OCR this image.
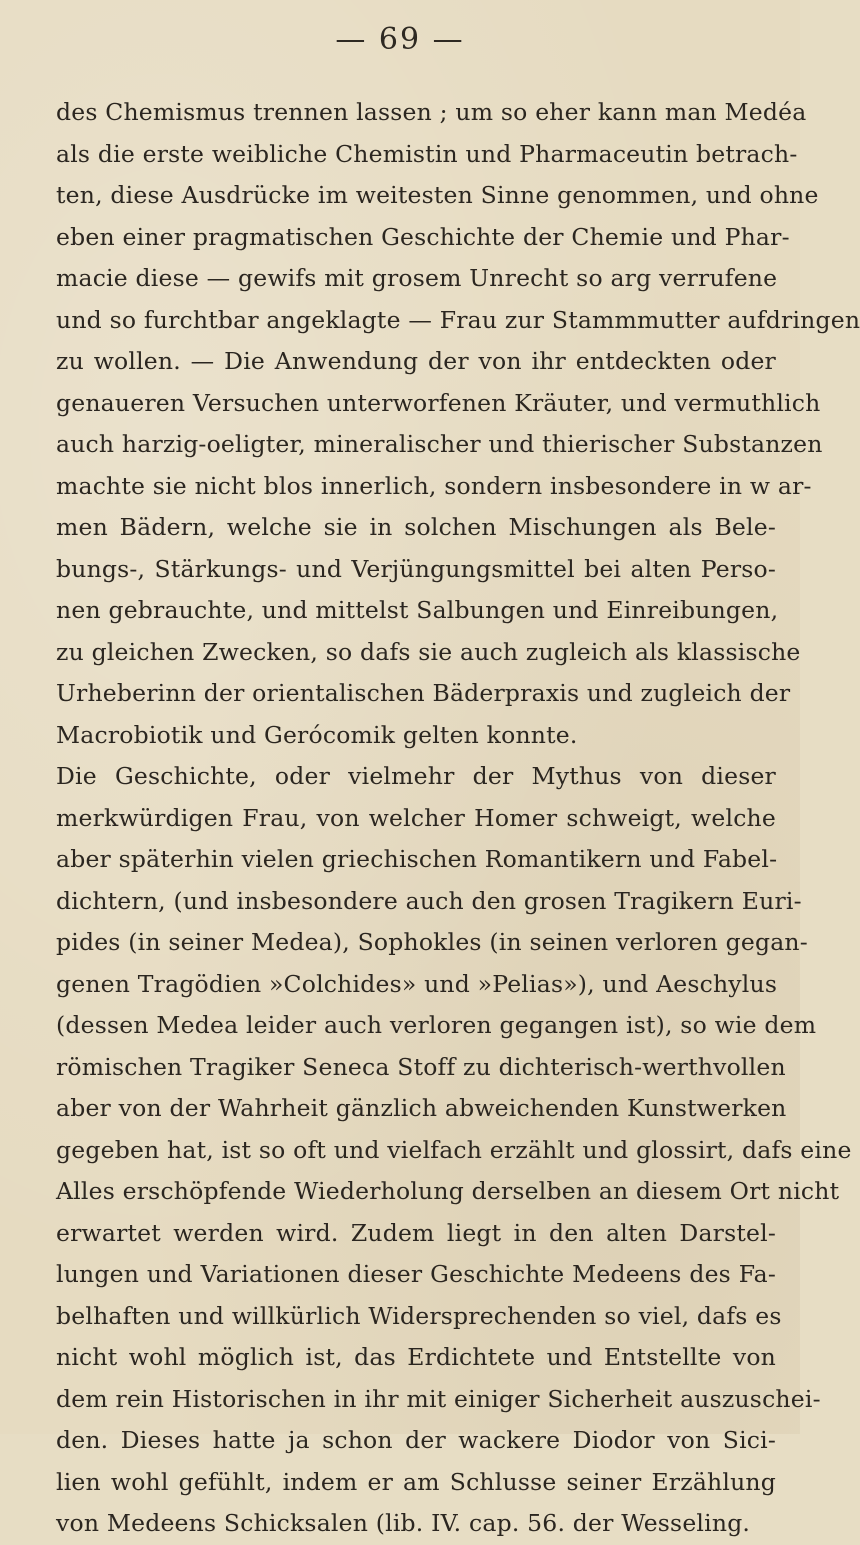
— 69 —
des Chemismus trennen lassen ; um so eher kann man Medéa
als die erste weibliche Chemistin und Pharmaceutin betrach-
ten, diese Ausdrücke im weitesten Sinne genommen, und ohne
eben einer pragmatischen Geschichte der Chemie und Phar-
macie diese — gewifs mit grosem Unrecht so arg verrufene
und so furchtbar angeklagte — Frau zur Stammmutter aufdringen
zu wollen. — Die Anwendung der von ihr entdeckten oder
genaueren Versuchen unterworfenen Kräuter, und vermuthlich
auch harzig-oeligter, mineralischer und thierischer Substanzen
machte sie nicht blos innerlich, sondern insbesondere in w ar-
men Bädern, welche sie in solchen Mischungen als Bele-
bungs-, Stärkungs- und Verjüngungsmittel bei alten Perso-
nen gebrauchte, und mittelst Salbungen und Einreibungen,
zu gleichen Zwecken, so dafs sie auch zugleich als klassische
Urheberinn der orientalischen Bäderpraxis und zugleich der
Macrobiotik und Gerócomik gelten konnte.
Die Geschichte, oder vielmehr der Mythus von dieser
merkwürdigen Frau, von welcher Homer schweigt, welche
aber späterhin vielen griechischen Romantikern und Fabel-
dichtern, (und insbesondere auch den grosen Tragikern Euri-
pides (in seiner Medea), Sophokles (in seinen verloren gegan-
genen Tragödien »Colchides» und »Pelias»), und Aeschylus
(dessen Medea leider auch verloren gegangen ist), so wie dem
römischen Tragiker Seneca Stoff zu dichterisch-werthvollen
aber von der Wahrheit gänzlich abweichenden Kunstwerken
gegeben hat, ist so oft und vielfach erzählt und glossirt, dafs eine
Alles erschöpfende Wiederholung derselben an diesem Ort nicht
erwartet werden wird. Zudem liegt in den alten Darstel-
lungen und Variationen dieser Geschichte Medeens des Fa-
belhaften und willkürlich Widersprechenden so viel, dafs es
nicht wohl möglich ist, das Erdichtete und Entstellte von
dem rein Historischen in ihr mit einiger Sicherheit auszuschei-
den. Dieses hatte ja schon der wackere Diodor von Sici-
lien wohl gefühlt, indem er am Schlusse seiner Erzählung
von Medeens Schicksalen (lib. IV. cap. 56. der Wesseling.
